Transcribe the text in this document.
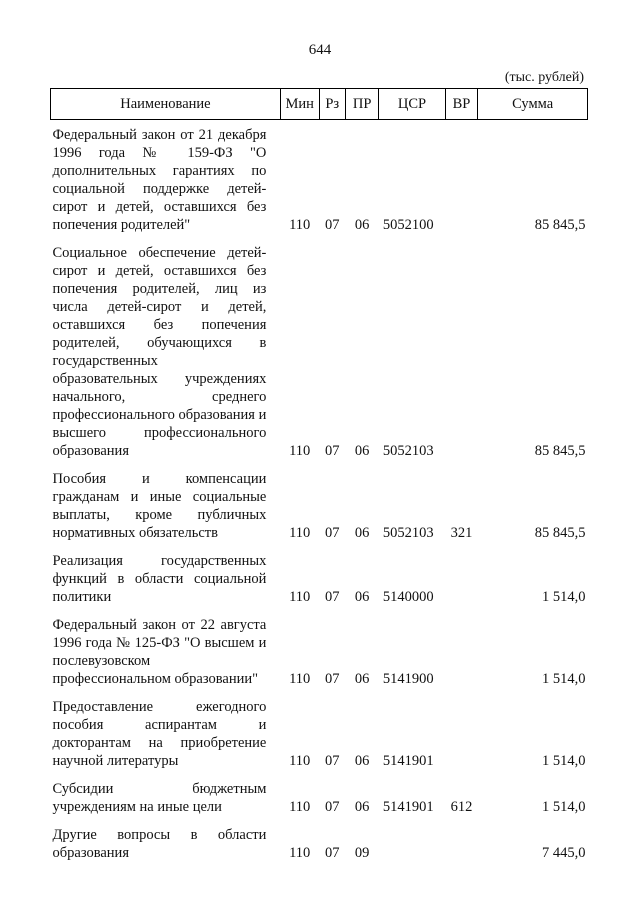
644
(тыс. рублей)
Наименование	Мин	Рз	ПР	ЦСР	ВР	Сумма
Федеральный закон от 21 декабря 1996 года № 159-ФЗ "О дополнительных гарантиях по социальной поддержке детей-сирот и детей, оставшихся без попечения родителей"	110	07	06	5052100		85 845,5
Социальное обеспечение детей-сирот и детей, оставшихся без попечения родителей, лиц из числа детей-сирот и детей, оставшихся без попечения родителей, обучающихся в государственных образовательных учреждениях начального, среднего профессионального образования и высшего профессионального образования	110	07	06	5052103		85 845,5
Пособия и компенсации гражданам и иные социальные выплаты, кроме публичных нормативных обязательств	110	07	06	5052103	321	85 845,5
Реализация государственных функций в области социальной политики	110	07	06	5140000		1 514,0
Федеральный закон от 22 августа 1996 года № 125-ФЗ "О высшем и послевузовском профессиональном образовании"	110	07	06	5141900		1 514,0
Предоставление ежегодного пособия аспирантам и докторантам на приобретение научной литературы	110	07	06	5141901		1 514,0
Субсидии бюджетным учреждениям на иные цели	110	07	06	5141901	612	1 514,0
Другие вопросы в области образования	110	07	09			7 445,0
